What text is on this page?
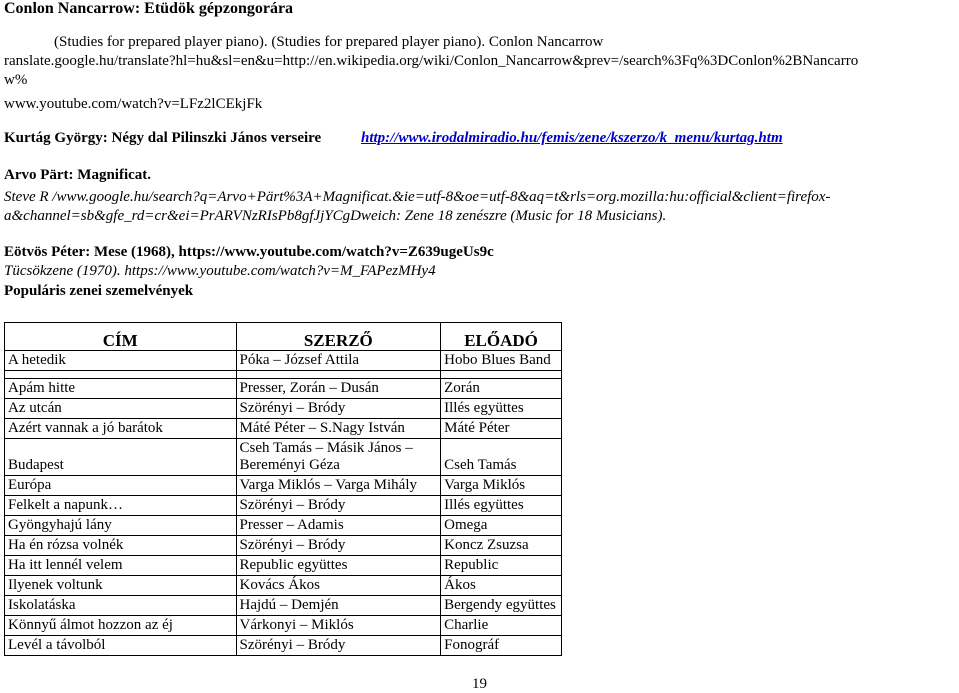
Conlon Nancarrow: Etüdök gépzongorára
(Studies for prepared player piano). (Studies for prepared player piano). Conlon Nancarrow
ranslate.google.hu/translate?hl=hu&sl=en&u=http://en.wikipedia.org/wiki/Conlon_Nancarrow&prev=/search%3Fq%3DConlon%2BNancarro
w%
www.youtube.com/watch?v=LFz2lCEkjFk
Kurtág György: Négy dal Pilinszki János verseire	http://www.irodalmiradio.hu/femis/zene/kszerzo/k_menu/kurtag.htm
Arvo Pärt: Magnificat.
Steve R /www.google.hu/search?q=Arvo+Pärt%3A+Magnificat.&ie=utf-8&oe=utf-8&aq=t&rls=org.mozilla:hu:official&client=firefox-
a&channel=sb&gfe_rd=cr&ei=PrARVNzRIsPb8gfJjYCgDweich: Zene 18 zenészre (Music for 18 Musicians).
Eötvös Péter: Mese (1968), https://www.youtube.com/watch?v=Z639ugeUs9c
Tücsökzene (1970). https://www.youtube.com/watch?v=M_FAPezMHy4
Populáris zenei szemelvények
CÍM	SZERZŐ	ELŐADÓ
A hetedik	Póka – József Attila	Hobo Blues Band

Apám hitte	Presser, Zorán – Dusán	Zorán
Az utcán	Szörényi – Bródy	Illés együttes
Azért vannak a jó barátok	Máté Péter – S.Nagy István	Máté Péter
Budapest	Cseh Tamás – Másik János – Bereményi Géza	Cseh Tamás
Európa	Varga Miklós – Varga Mihály	Varga Miklós
Felkelt a napunk…	Szörényi – Bródy	Illés együttes
Gyöngyhajú lány	Presser – Adamis	Omega
Ha én rózsa volnék	Szörényi – Bródy	Koncz Zsuzsa
Ha itt lennél velem	Republic együttes	Republic
Ilyenek voltunk	Kovács Ákos	Ákos
Iskolatáska	Hajdú – Demjén	Bergendy együttes
Könnyű álmot hozzon az éj	Várkonyi – Miklós	Charlie
Levél a távolból	Szörényi – Bródy	Fonográf
19
